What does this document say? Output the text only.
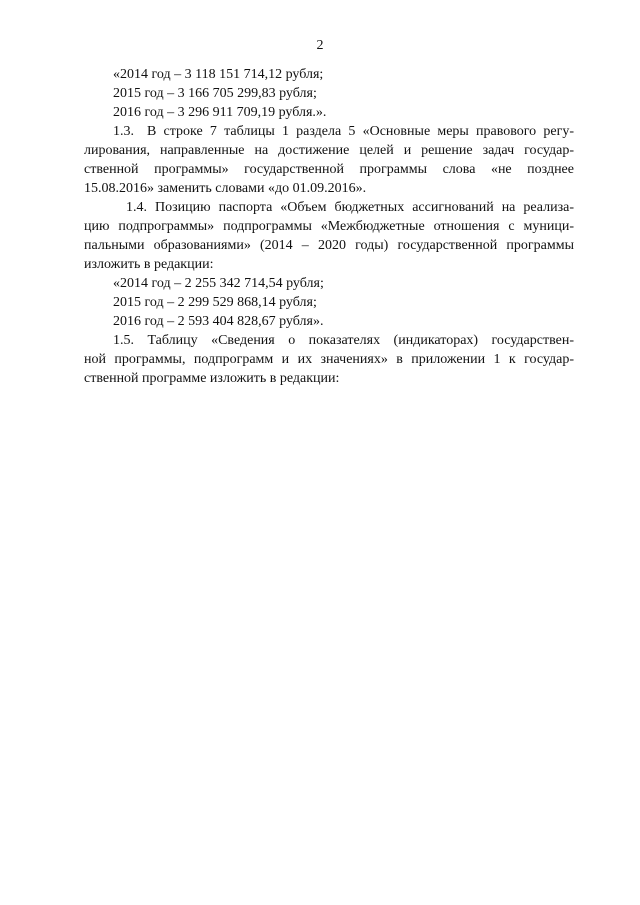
2
«2014 год – 3 118 151 714,12 рубля;
2015 год – 3 166 705 299,83 рубля;
2016 год – 3 296 911 709,19 рубля.».
1.3. В строке 7 таблицы 1 раздела 5 «Основные меры правового регу-
лирования, направленные на достижение целей и решение задач государ-
ственной программы» государственной программы слова «не позднее
15.08.2016» заменить словами «до 01.09.2016».
1.4. Позицию паспорта «Объем бюджетных ассигнований на реализа-
цию подпрограммы» подпрограммы «Межбюджетные отношения с муници-
пальными образованиями» (2014 – 2020 годы) государственной программы
изложить в редакции:
«2014 год – 2 255 342 714,54 рубля;
2015 год – 2 299 529 868,14 рубля;
2016 год – 2 593 404 828,67 рубля».
1.5. Таблицу «Сведения о показателях (индикаторах) государствен-
ной программы, подпрограмм и их значениях» в приложении 1 к государ-
ственной программе изложить в редакции:
